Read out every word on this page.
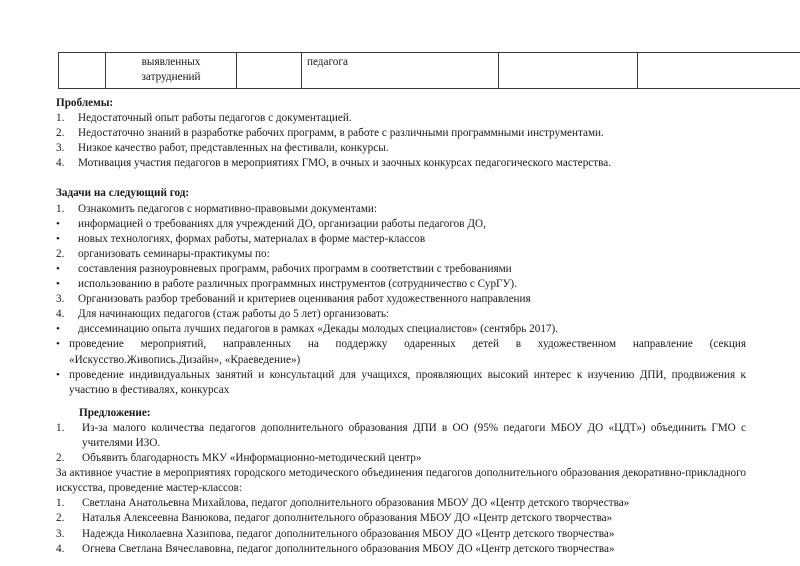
	выявленных затруднений		педагога		
Проблемы:
1.	Недостаточный опыт работы педагогов с документацией.
2.	Недостаточно знаний в разработке рабочих программ, в работе с различными программными инструментами.
3.	Низкое качество работ, представленных на фестивали, конкурсы.
4.	Мотивация участия педагогов в мероприятиях ГМО, в очных и заочных конкурсах педагогического мастерства.
Задачи на следующий год:
1.	Ознакомить педагогов с нормативно-правовыми документами:
•	информацией о требованиях для учреждений ДО, организации работы педагогов ДО,
•	новых технологиях, формах работы, материалах в форме мастер-классов
2.	организовать семинары-практикумы по:
•	составления разноуровневых программ, рабочих программ в соответствии с требованиями
•	использованию в работе различных программных инструментов (сотрудничество с СурГУ).
3.	Организовать разбор требований и критериев оценивания работ художественного направления
4.	Для начинающих педагогов (стаж работы до 5 лет) организовать:
•	диссеминацию опыта лучших педагогов в рамках «Декады молодых специалистов» (сентябрь 2017).
• проведение мероприятий, направленных на поддержку одаренных детей в художественном направление (секция «Искусство.Живопись.Дизайн», «Краеведение»)
• проведение индивидуальных занятий и консультаций для учащихся, проявляющих высокий интерес к изучению ДПИ, продвижения к участию в фестивалях, конкурсах
Предложение:
1.	Из-за малого количества педагогов дополнительного образования ДПИ в ОО (95% педагоги МБОУ ДО «ЦДТ») объединить ГМО с учителями ИЗО.
2.	Объявить благодарность МКУ «Информационно-методический центр»
За активное участие в мероприятиях городского методического объединения педагогов дополнительного образования декоративно-прикладного искусства, проведение мастер-классов:
1.	Светлана Анатольевна Михайлова, педагог дополнительного образования МБОУ ДО «Центр детского творчества»
2.	Наталья Алексеевна Ванюкова, педагог дополнительного образования МБОУ ДО «Центр детского творчества»
3.	Надежда Николаевна Хазипова, педагог дополнительного образования МБОУ ДО «Центр детского творчества»
4.	Огнева Светлана Вячеславовна, педагог дополнительного образования МБОУ ДО «Центр детского творчества»
